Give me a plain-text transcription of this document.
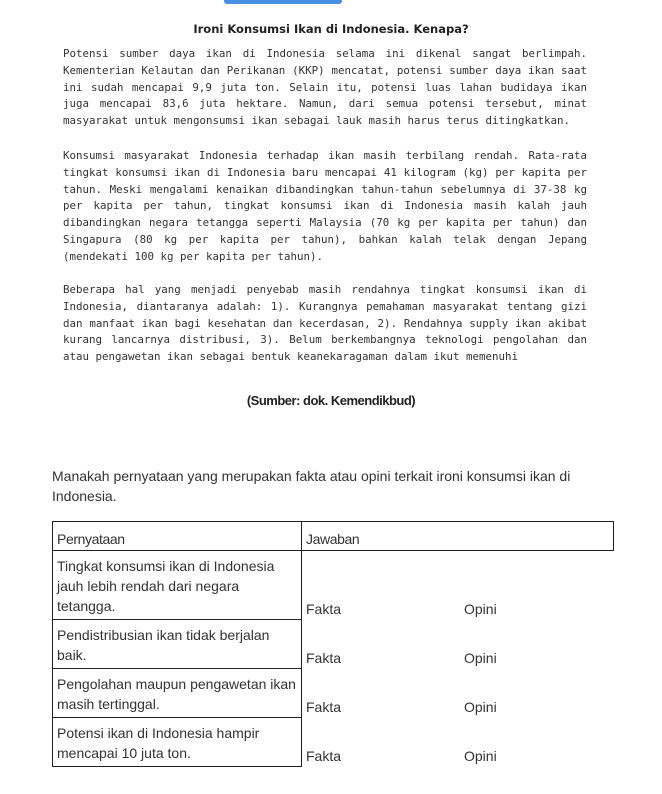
Ironi Konsumsi Ikan di Indonesia. Kenapa?

Potensi sumber daya ikan di Indonesia selama ini dikenal sangat berlimpah. Kementerian Kelautan dan Perikanan (KKP) mencatat, potensi sumber daya ikan saat ini sudah mencapai 9,9 juta ton. Selain itu, potensi luas lahan budidaya ikan juga mencapai 83,6 juta hektare. Namun, dari semua potensi tersebut, minat masyarakat untuk mengonsumsi ikan sebagai lauk masih harus terus ditingkatkan.

Konsumsi masyarakat Indonesia terhadap ikan masih terbilang rendah. Rata-rata tingkat konsumsi ikan di Indonesia baru mencapai 41 kilogram (kg) per kapita per tahun. Meski mengalami kenaikan dibandingkan tahun-tahun sebelumnya di 37-38 kg per kapita per tahun, tingkat konsumsi ikan di Indonesia masih kalah jauh dibandingkan negara tetangga seperti Malaysia (70 kg per kapita per tahun) dan Singapura (80 kg per kapita per tahun), bahkan kalah telak dengan Jepang (mendekati 100 kg per kapita per tahun).

Beberapa hal yang menjadi penyebab masih rendahnya tingkat konsumsi ikan di Indonesia, diantaranya adalah: 1). Kurangnya pemahaman masyarakat tentang gizi dan manfaat ikan bagi kesehatan dan kecerdasan, 2). Rendahnya supply ikan akibat kurang lancarnya distribusi, 3). Belum berkembangnya teknologi pengolahan dan atau pengawetan ikan sebagai bentuk keanekaragaman dalam ikut memenuhi

(Sumber: dok. Kemendikbud)

Manakah pernyataan yang merupakan fakta atau opini terkait ironi konsumsi ikan di Indonesia.

Pernyataan	Jawaban	
Tingkat konsumsi ikan di Indonesia jauh lebih rendah dari negara tetangga.	Fakta	Opini
Pendistribusian ikan tidak berjalan baik.	Fakta	Opini
Pengolahan maupun pengawetan ikan masih tertinggal.	Fakta	Opini
Potensi ikan di Indonesia hampir mencapai 10 juta ton.	Fakta	Opini
